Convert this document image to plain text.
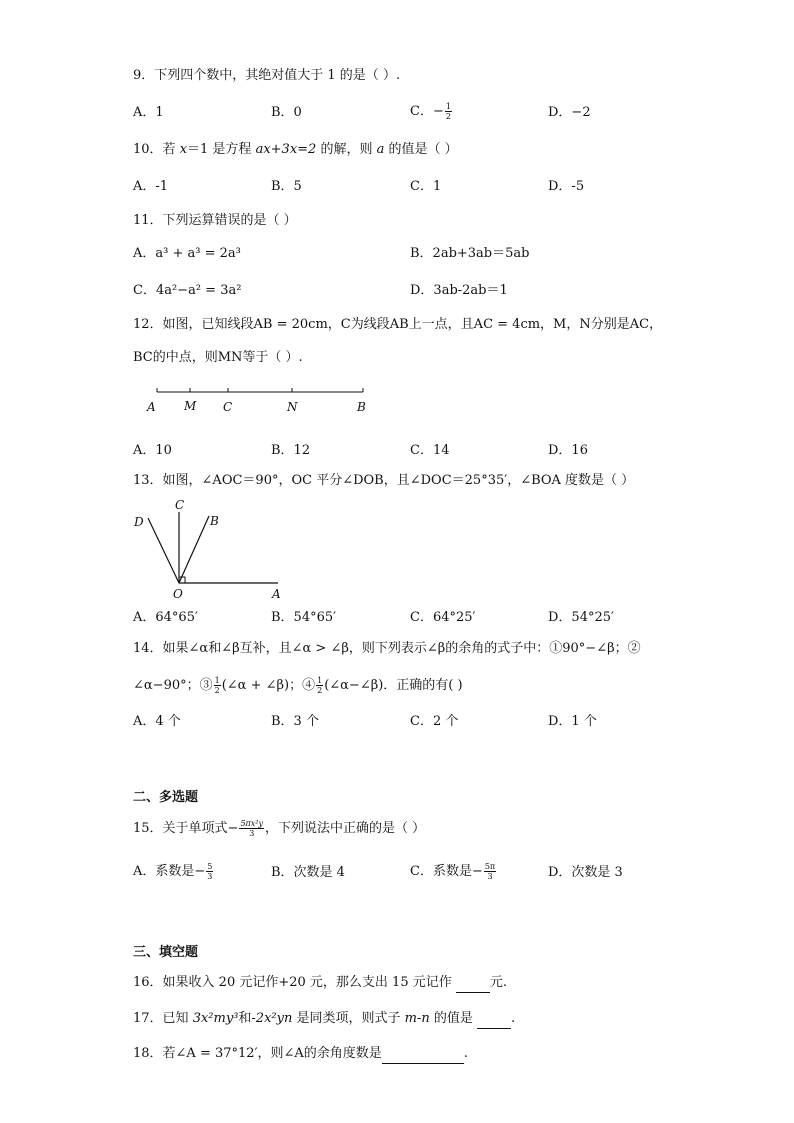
9．下列四个数中，其绝对值大于 1 的是（ ）.
A．1	B．0	C．− $\frac{1}{2}$	D．−2
10．若 x＝1 是方程 ax+3x=2 的解，则 a 的值是（ ）
A．-1	B．5	C．1	D．-5
11．下列运算错误的是（ ）
A．a³ + a³ = 2a³	B．2ab+3ab＝5ab
C．4a²−a² = 3a²	D．3ab-2ab＝1
12．如图，已知线段AB = 20cm，C为线段AB上一点，且AC = 4cm，M，N分别是AC，
BC的中点，则MN等于（ ）.
A M C	N	B
A．10	B．12	C．14	D．16
13．如图，∠AOC＝90°，OC 平分∠DOB，且∠DOC＝25°35′，∠BOA 度数是（ ）
C
D	B
O	A
A．64°65′	B．54°65′	C．64°25′	D．54°25′
14．如果∠α和∠β互补，且∠α > ∠β，则下列表示∠β的余角的式子中：①90°−∠β；②
∠α−90°；③ $\frac{1}{2}$ (∠α + ∠β)；④ $\frac{1}{2}$ (∠α−∠β)．正确的有( )
A．4 个	B．3 个	C．2 个	D．1 个
二、多选题
15．关于单项式− $\frac{\text{5πx²y}}{3}$ ，下列说法中正确的是（ ）
A．系数是− $\frac{5}{3}$	B．次数是 4	C．系数是− $\frac{5\pi}{3}$	D．次数是 3
三、填空题
16．如果收入 20 元记作+20 元，那么支出 15 元记作	元.
17．已知 3x²my³和-2x²yn 是同类项，则式子 m-n 的值是	.
18．若∠A = 37°12′，则∠A的余角度数是	.
